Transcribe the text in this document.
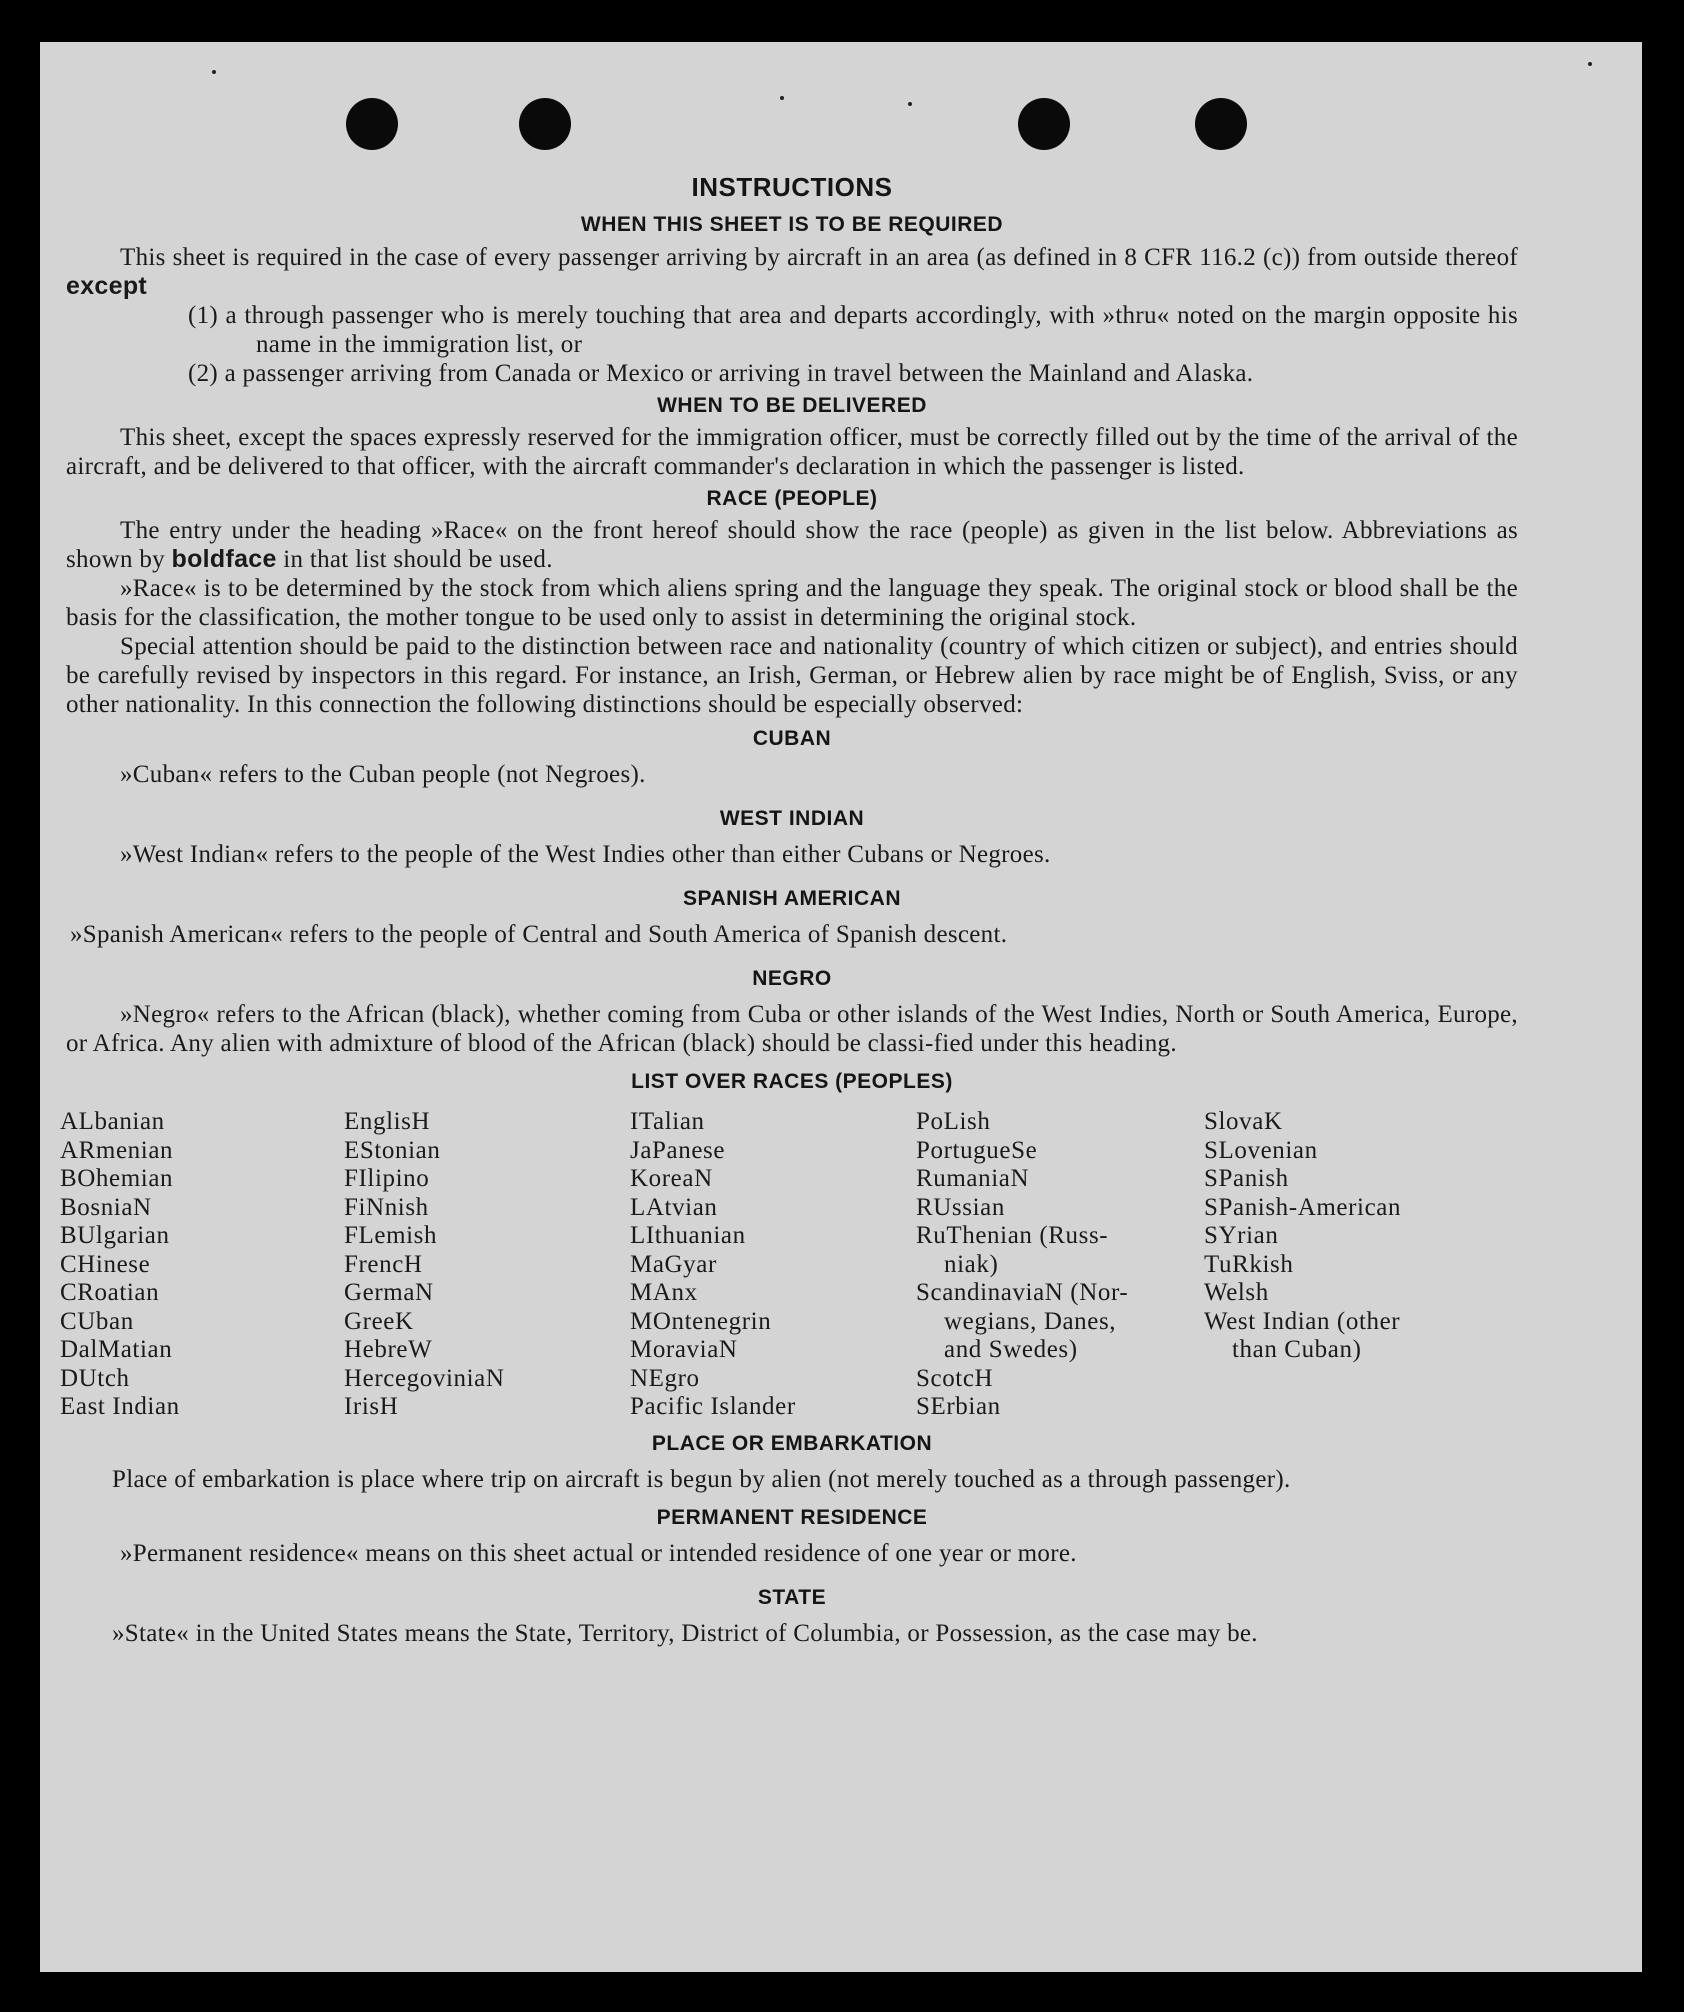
INSTRUCTIONS
WHEN THIS SHEET IS TO BE REQUIRED

This sheet is required in the case of every passenger arriving by aircraft in an area (as defined in 8 CFR 116.2 (c)) from outside thereof except

(1) a through passenger who is merely touching that area and departs accordingly, with »thru« noted on the margin opposite his name in the immigration list, or

(2) a passenger arriving from Canada or Mexico or arriving in travel between the Mainland and Alaska.

WHEN TO BE DELIVERED

This sheet, except the spaces expressly reserved for the immigration officer, must be correctly filled out by the time of the arrival of the aircraft, and be delivered to that officer, with the aircraft commander's declaration in which the passenger is listed.

RACE (PEOPLE)

The entry under the heading »Race« on the front hereof should show the race (people) as given in the list below. Abbreviations as shown by boldface in that list should be used.

»Race« is to be determined by the stock from which aliens spring and the language they speak. The original stock or blood shall be the basis for the classification, the mother tongue to be used only to assist in determining the original stock.

Special attention should be paid to the distinction between race and nationality (country of which citizen or subject), and entries should be carefully revised by inspectors in this regard. For instance, an Irish, German, or Hebrew alien by race might be of English, Sviss, or any other nationality. In this connection the following distinctions should be especially observed:

CUBAN

»Cuban« refers to the Cuban people (not Negroes).

WEST INDIAN

»West Indian« refers to the people of the West Indies other than either Cubans or Negroes.

SPANISH AMERICAN

»Spanish American« refers to the people of Central and South America of Spanish descent.

NEGRO

»Negro« refers to the African (black), whether coming from Cuba or other islands of the West Indies, North or South America, Europe, or Africa. Any alien with admixture of blood of the African (black) should be classi-fied under this heading.

LIST OVER RACES (PEOPLES)
ALbanian
ARmenian
BOhemian
BosniaN
BUlgarian
CHinese
CRoatian
CUban
DalMatian
DUtch
East Indian
EnglisH
EStonian
FIlipino
FiNnish
FLemish
FrencH
GermaN
GreeK
HebreW
HercegoviniaN
IrisH
ITalian
JaPanese
KoreaN
LAtvian
LIthuanian
MaGyar
MAnx
MOntenegrin
MoraviaN
NEgro
Pacific Islander
PoLish
PortugueSe
RumaniaN
RUssian
RuThenian (Russ-
niak)
ScandinaviaN (Nor-
wegians, Danes,
and Swedes)
ScotcH
SErbian
SlovaK
SLovenian
SPanish
SPanish-American
SYrian
TuRkish
Welsh
West Indian (other
than Cuban)
PLACE OR EMBARKATION

Place of embarkation is place where trip on aircraft is begun by alien (not merely touched as a through passenger).

PERMANENT RESIDENCE

»Permanent residence« means on this sheet actual or intended residence of one year or more.

STATE

»State« in the United States means the State, Territory, District of Columbia, or Possession, as the case may be.
